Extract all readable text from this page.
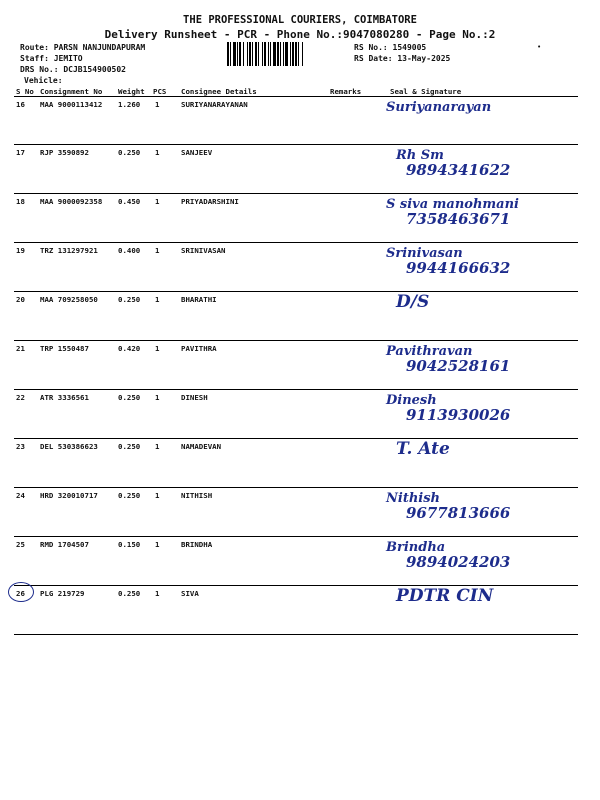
THE PROFESSIONAL COURIERS, COIMBATORE
Delivery Runsheet - PCR - Phone No.:9047080280 - Page No.:2
Route: PARSN NANJUNDAPURAM
Staff: JEMITO
DRS No.: DCJB154900502
Vehicle:
•
RS No.: 1549005
RS Date: 13-May-2025
S No	Consignment No	Weight	PCS	Consignee Details	Remarks	Seal & Signature
16	MAA 9000113412	1.260	1	SURIYANARAYANAN		Suriyanarayan

17	RJP 3590892	0.250	1	SANJEEV		Rh Sm
9894341622

18	MAA 9000092358	0.450	1	PRIYADARSHINI		S siva manohmani
7358463671

19	TRZ 131297921	0.400	1	SRINIVASAN		Srinivasan
9944166632

20	MAA 709258050	0.250	1	BHARATHI		D/S

21	TRP 1550487	0.420	1	PAVITHRA		Pavithravan
9042528161

22	ATR 3336561	0.250	1	DINESH		Dinesh
9113930026

23	DEL 530386623	0.250	1	NAMADEVAN		T. Ate

24	HRD 320010717	0.250	1	NITHISH		Nithish
9677813666

25	RMD 1704507	0.150	1	BRINDHA		Brindha
9894024203

26	PLG 219729	0.250	1	SIVA		PDTR CIN
